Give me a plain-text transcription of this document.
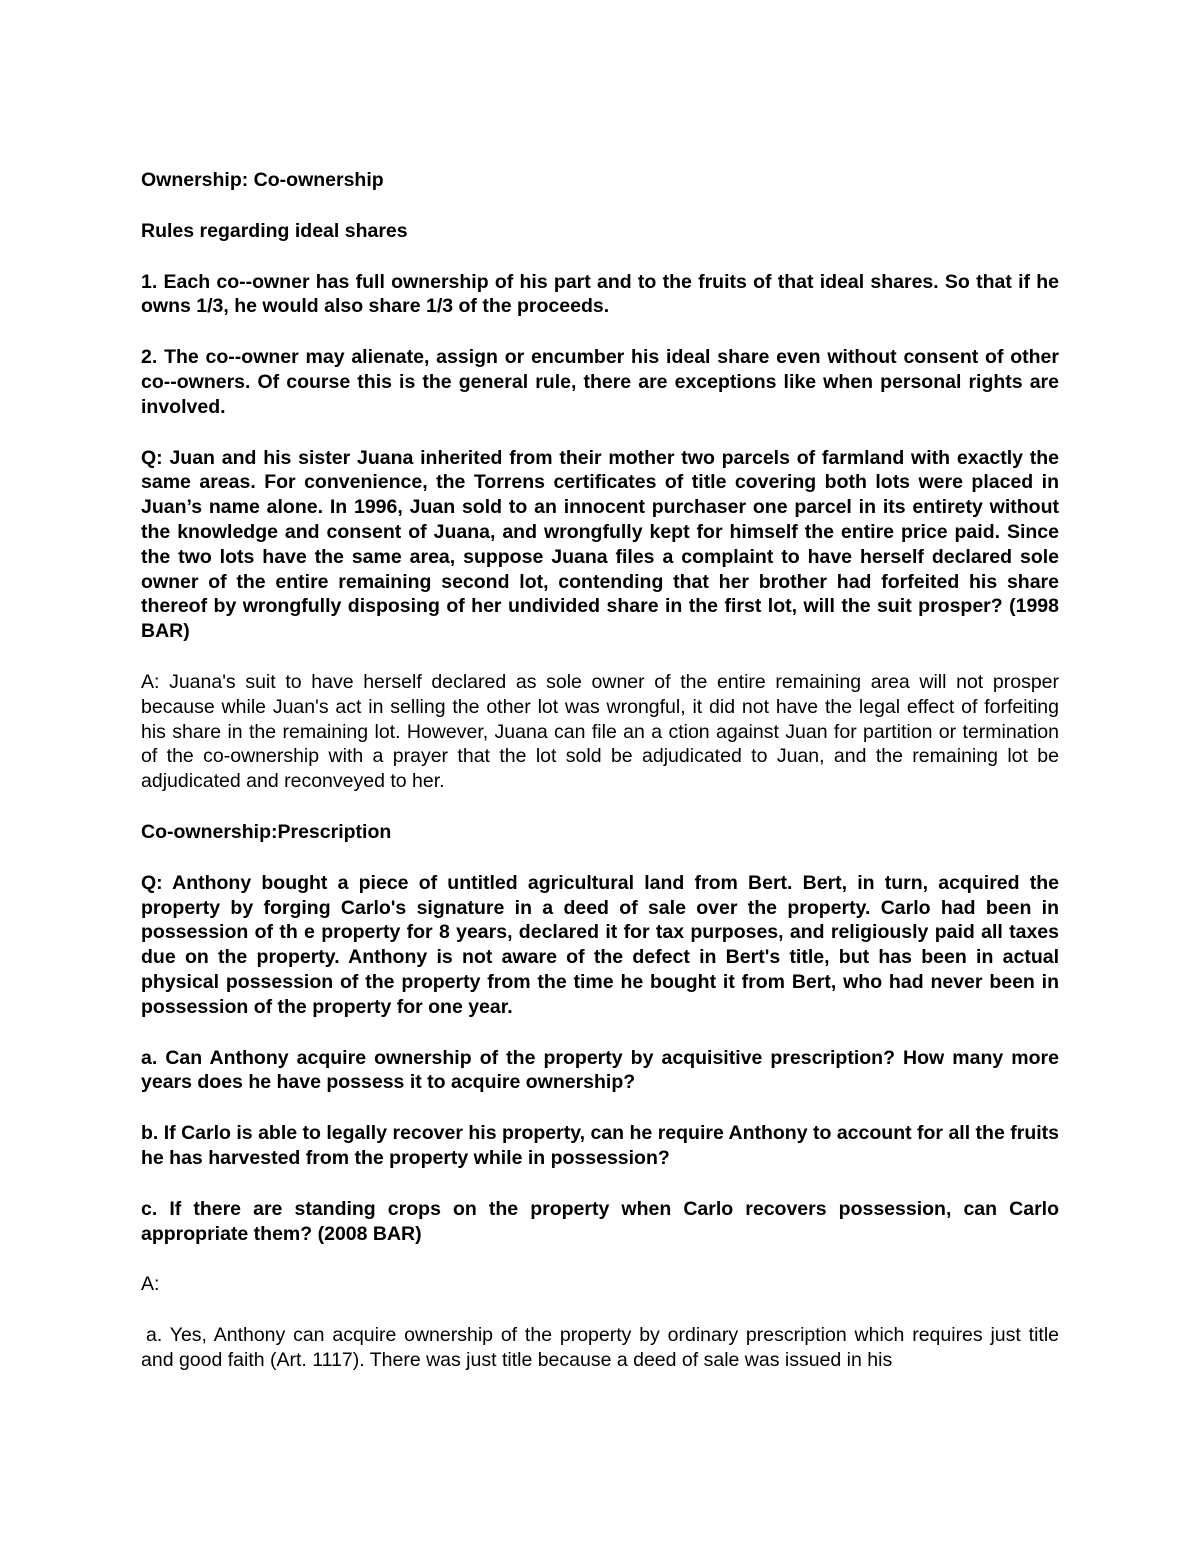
Ownership: Co-ownership

Rules regarding ideal shares

1. Each co--owner has full ownership of his part and to the fruits of that ideal shares. So that if he owns 1/3, he would also share 1/3 of the proceeds.

2. The co--owner may alienate, assign or encumber his ideal share even without consent of other co--owners. Of course this is the general rule, there are exceptions like when personal rights are involved.

Q: Juan and his sister Juana inherited from their mother two parcels of farmland with exactly the same areas. For convenience, the Torrens certificates of title covering both lots were placed in Juan’s name alone. In 1996, Juan sold to an innocent purchaser one parcel in its entirety without the knowledge and consent of Juana, and wrongfully kept for himself the entire price paid. Since the two lots have the same area, suppose Juana files a complaint to have herself declared sole owner of the entire remaining second lot, contending that her brother had forfeited his share thereof by wrongfully disposing of her undivided share in the first lot, will the suit prosper? (1998 BAR)

A: Juana's suit to have herself declared as sole owner of the entire remaining area will not prosper because while Juan's act in selling the other lot was wrongful, it did not have the legal effect of forfeiting his share in the remaining lot. However, Juana can file an a ction against Juan for partition or termination of the co-ownership with a prayer that the lot sold be adjudicated to Juan, and the remaining lot be adjudicated and reconveyed to her.

Co-ownership:Prescription

Q: Anthony bought a piece of untitled agricultural land from Bert. Bert, in turn, acquired the property by forging Carlo's signature in a deed of sale over the property. Carlo had been in possession of th e property for 8 years, declared it for tax purposes, and religiously paid all taxes due on the property. Anthony is not aware of the defect in Bert's title, but has been in actual physical possession of the property from the time he bought it from Bert, who had never been in possession of the property for one year.

a. Can Anthony acquire ownership of the property by acquisitive prescription? How many more years does he have possess it to acquire ownership?

b. If Carlo is able to legally recover his property, can he require Anthony to account for all the fruits he has harvested from the property while in possession?

c. If there are standing crops on the property when Carlo recovers possession, can Carlo appropriate them? (2008 BAR)

A:

a. Yes, Anthony can acquire ownership of the property by ordinary prescription which requires just title and good faith (Art. 1117). There was just title because a deed of sale was issued in his
